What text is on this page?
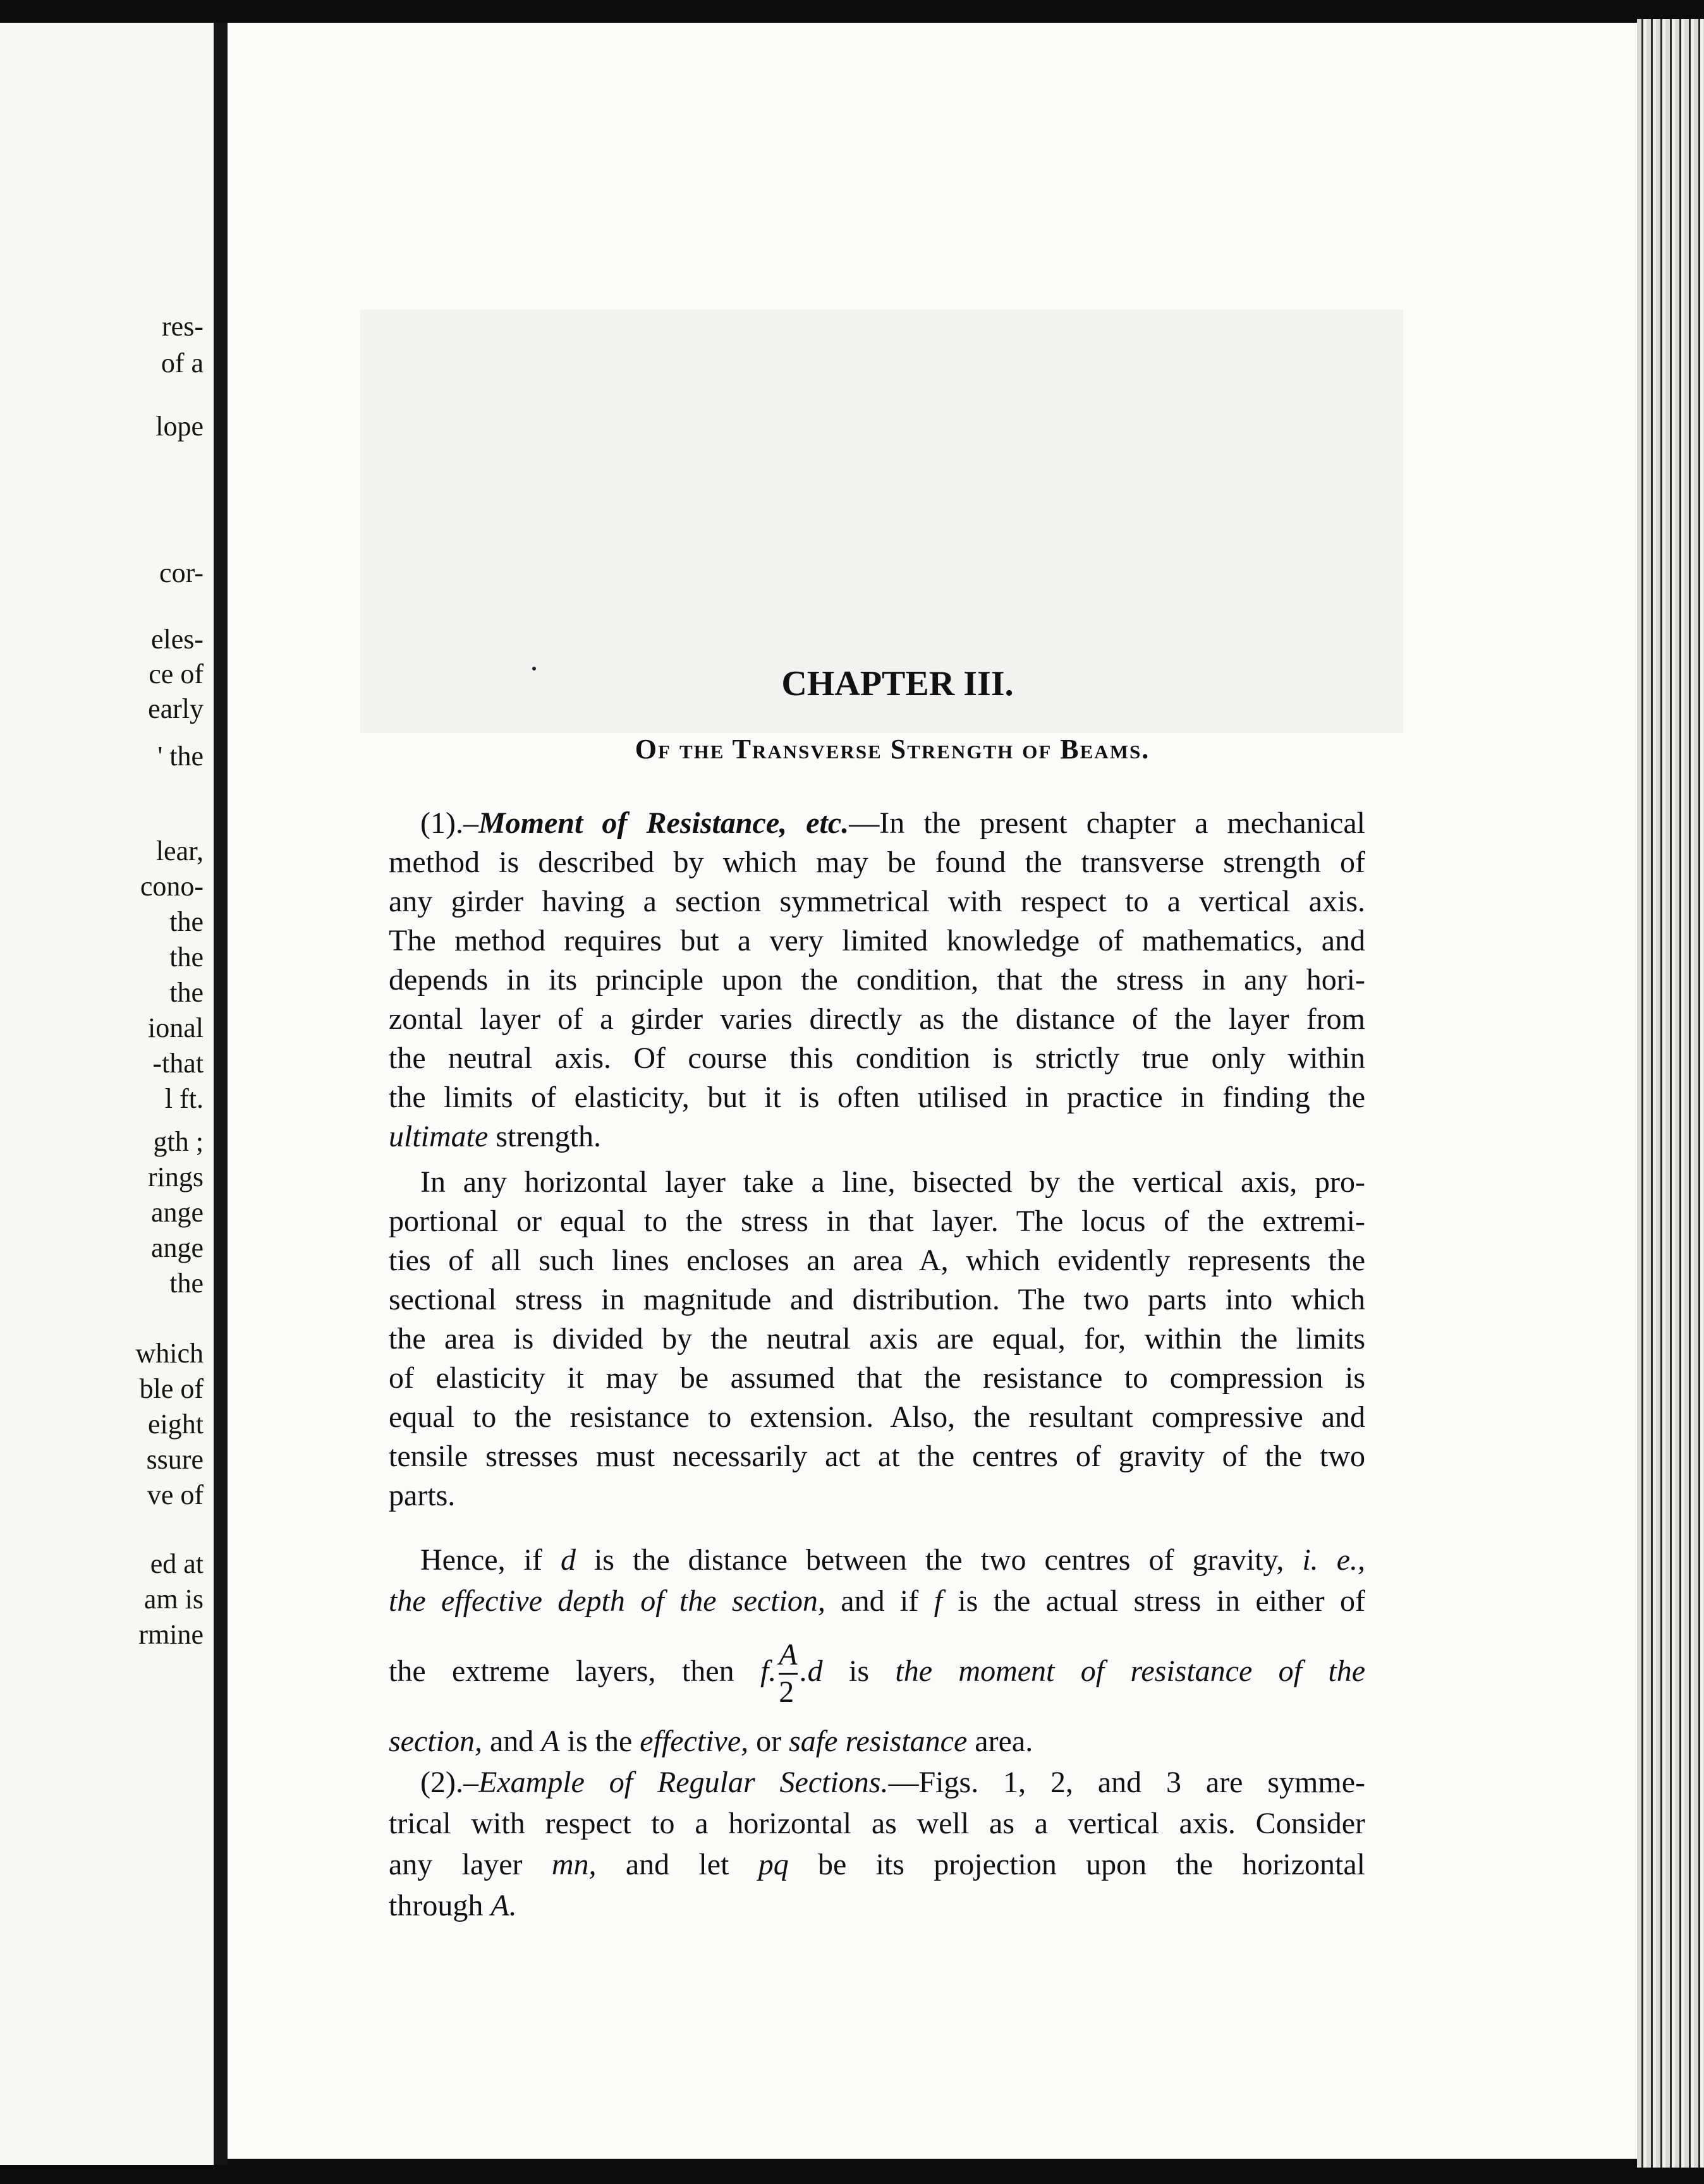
res-
of a
lope
cor-
eles-
ce of
early
' the
lear,
cono-
the
the
the
ional
-that
l ft.
gth ;
rings
ange
ange
the
which
ble of
eight
ssure
ve of
ed at
am is
rmine
CHAPTER III.
Of the Transverse Strength of Beams.
(1).–Moment of Resistance, etc.—In the present chapter a mechanical
method is described by which may be found the transverse strength of
any girder having a section symmetrical with respect to a vertical axis.
The method requires but a very limited knowledge of mathematics, and
depends in its principle upon the condition, that the stress in any hori-
zontal layer of a girder varies directly as the distance of the layer from
the neutral axis. Of course this condition is strictly true only within
the limits of elasticity, but it is often utilised in practice in finding the
ultimate strength.
In any horizontal layer take a line, bisected by the vertical axis, pro-
portional or equal to the stress in that layer. The locus of the extremi-
ties of all such lines encloses an area A, which evidently represents the
sectional stress in magnitude and distribution. The two parts into which
the area is divided by the neutral axis are equal, for, within the limits
of elasticity it may be assumed that the resistance to compression is
equal to the resistance to extension. Also, the resultant compressive and
tensile stresses must necessarily act at the centres of gravity of the two
parts.
Hence, if d is the distance between the two centres of gravity, i. e.,
the effective depth of the section, and if f is the actual stress in either of
the extreme layers, then f. $\frac{A}{2} .d$ is the moment of resistance of the
section, and A is the effective, or safe resistance area.
(2).–Example of Regular Sections.—Figs. 1, 2, and 3 are symme-
trical with respect to a horizontal as well as a vertical axis. Consider
any layer mn, and let pq be its projection upon the horizontal
through A.
